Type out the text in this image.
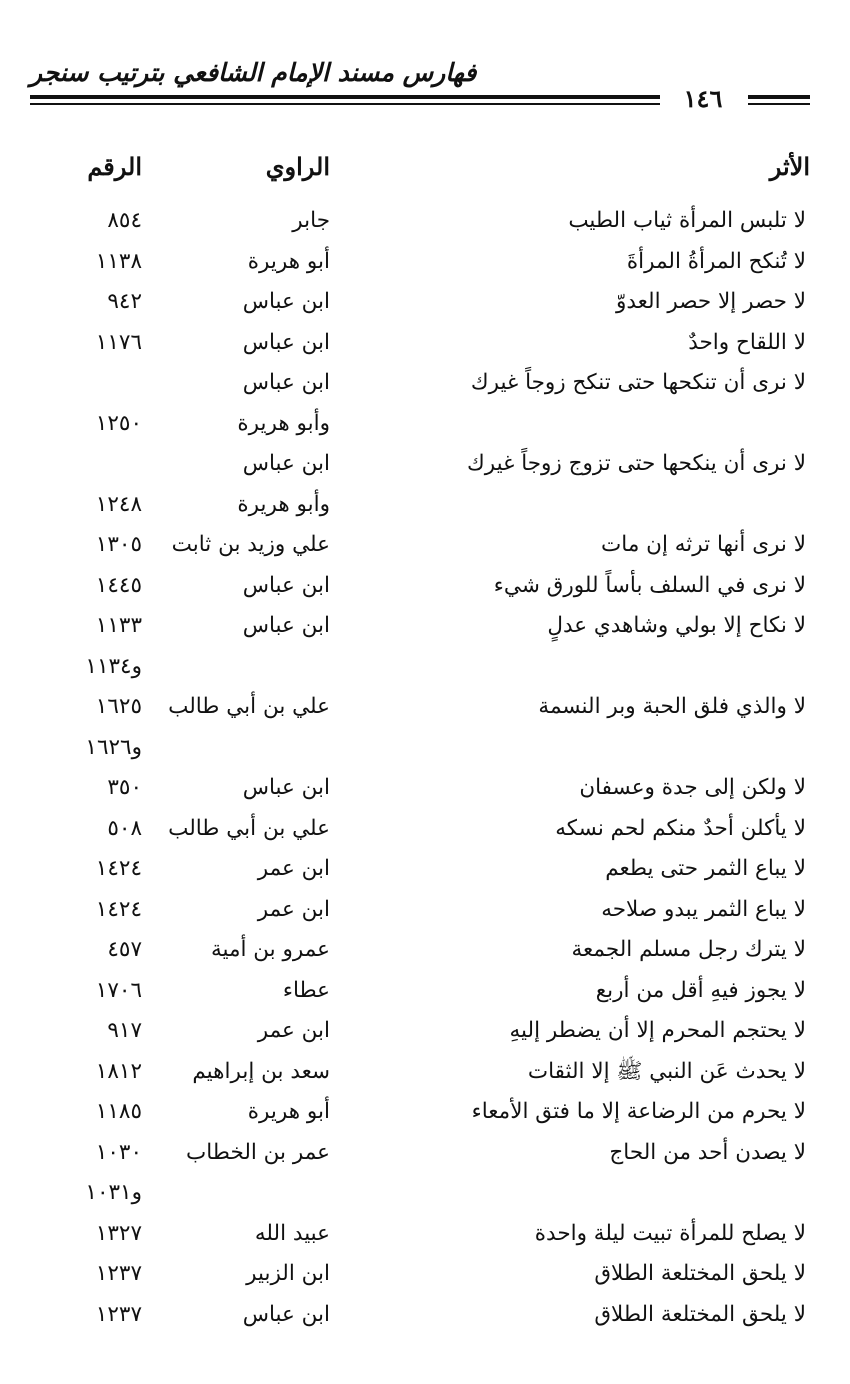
فهارس مسند الإمام الشافعي بترتيب سنجر
١٤٦
الأثر
الراوي
الرقم
لا تلبس المرأة ثياب الطيب
جابر
٨٥٤
لا تُنكح المرأةُ المرأةَ
أبو هريرة
١١٣٨
لا حصر إلا حصر العدوّ
ابن عباس
٩٤٢
لا اللقاح واحدٌ
ابن عباس
١١٧٦
لا نرى أن تنكحها حتى تنكح زوجاً غيرك
ابن عباس
وأبو هريرة
١٢٥٠
لا نرى أن ينكحها حتى تزوج زوجاً غيرك
ابن عباس
وأبو هريرة
١٢٤٨
لا نرى أنها ترثه إن مات
علي وزيد بن ثابت
١٣٠٥
لا نرى في السلف بأساً للورق شيء
ابن عباس
١٤٤٥
لا نكاح إلا بولي وشاهدي عدلٍ
ابن عباس
١١٣٣
و١١٣٤
لا والذي فلق الحبة وبر النسمة
علي بن أبي طالب
١٦٢٥
و١٦٢٦
لا ولكن إلى جدة وعسفان
ابن عباس
٣٥٠
لا يأكلن أحدٌ منكم لحم نسكه
علي بن أبي طالب
٥٠٨
لا يباع الثمر حتى يطعم
ابن عمر
١٤٢٤
لا يباع الثمر يبدو صلاحه
ابن عمر
١٤٢٤
لا يترك رجل مسلم الجمعة
عمرو بن أمية
٤٥٧
لا يجوز فيهِ أقل من أربع
عطاء
١٧٠٦
لا يحتجم المحرم إلا أن يضطر إليهِ
ابن عمر
٩١٧
لا يحدث عَن النبي ﷺ إلا الثقات
سعد بن إبراهيم
١٨١٢
لا يحرم من الرضاعة إلا ما فتق الأمعاء
أبو هريرة
١١٨٥
لا يصدن أحد من الحاج
عمر بن الخطاب
١٠٣٠
و١٠٣١
لا يصلح للمرأة تبيت ليلة واحدة
عبيد الله
١٣٢٧
لا يلحق المختلعة الطلاق
ابن الزبير
١٢٣٧
لا يلحق المختلعة الطلاق
ابن عباس
١٢٣٧
